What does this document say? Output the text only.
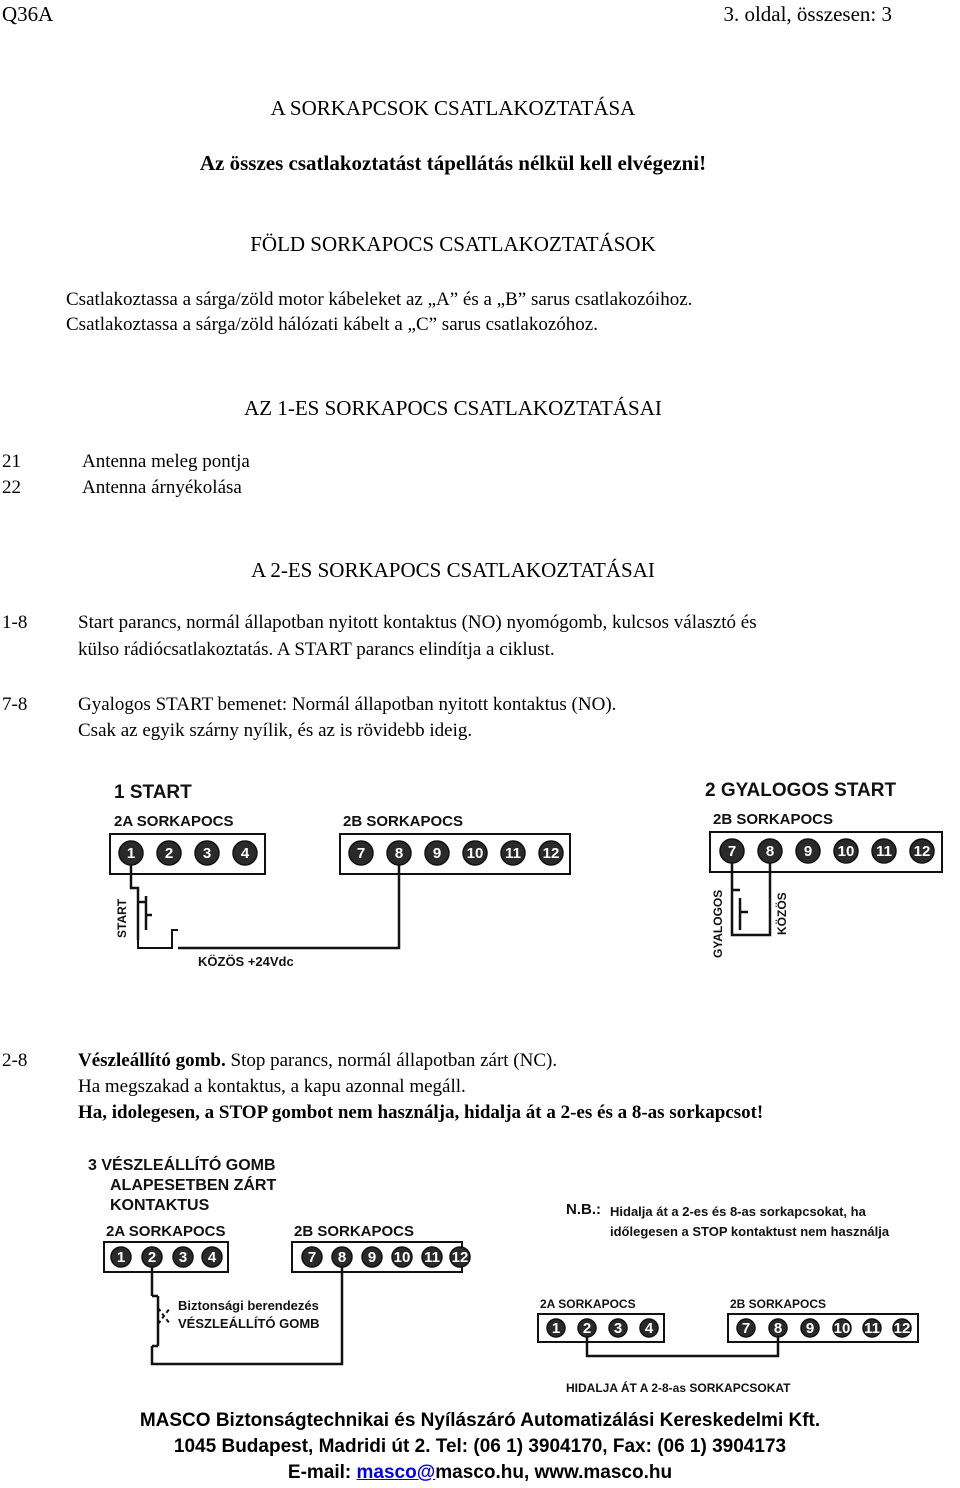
Q36A	3. oldal, összesen: 3
A SORKAPCSOK CSATLAKOZTATÁSA
Az összes csatlakoztatást tápellátás nélkül kell elvégezni!
FÖLD SORKAPOCS CSATLAKOZTATÁSOK
Csatlakoztassa a sárga/zöld motor kábeleket az „A” és a „B” sarus csatlakozóihoz.
Csatlakoztassa a sárga/zöld hálózati kábelt a „C” sarus csatlakozóhoz.
AZ 1-ES SORKAPOCS CSATLAKOZTATÁSAI
21	Antenna meleg pontja
22	Antenna árnyékolása
A 2-ES SORKAPOCS CSATLAKOZTATÁSAI
1-8	Start parancs, normál állapotban nyitott kontaktus (NO) nyomógomb, kulcsos választó és
külso rádiócsatlakoztatás. A START parancs elindítja a ciklust.
7-8	Gyalogos START bemenet: Normál állapotban nyitott kontaktus (NO).
Csak az egyik szárny nyílik, és az is rövidebb ideig.
1 START
2A SORKAPOCS	2B SORKAPOCS
1 2 3 4	7 8 9 10 11 12
START
KÖZÖS +24Vdc
2 GYALOGOS START
2B SORKAPOCS
7 8 9 10 11 12
GYALOGOS	KÖZÖS
2-8	Vészleállító gomb. Stop parancs, normál állapotban zárt (NC).
Ha megszakad a kontaktus, a kapu azonnal megáll.
Ha, idolegesen, a STOP gombot nem használja, hidalja át a 2-es és a 8-as sorkapcsot!
3 VÉSZLEÁLLÍTÓ GOMB
ALAPESETBEN ZÁRT
KONTAKTUS
2A SORKAPOCS	2B SORKAPOCS
1 2 3 4	7 8 9 10 11 12
Biztonsági berendezés
VÉSZLEÁLLÍTÓ GOMB
N.B.: Hidalja át a 2-es és 8-as sorkapcsokat, ha
időlegesen a STOP kontaktust nem használja
2A SORKAPOCS	2B SORKAPOCS
1 2 3 4	7 8 9 10 11 12
HIDALJA ÁT A 2-8-as SORKAPCSOKAT
MASCO Biztonságtechnikai és Nyílászáró Automatizálási Kereskedelmi Kft.
1045 Budapest, Madridi út 2. Tel: (06 1) 3904170, Fax: (06 1) 3904173
E-mail: masco@masco.hu, www.masco.hu
